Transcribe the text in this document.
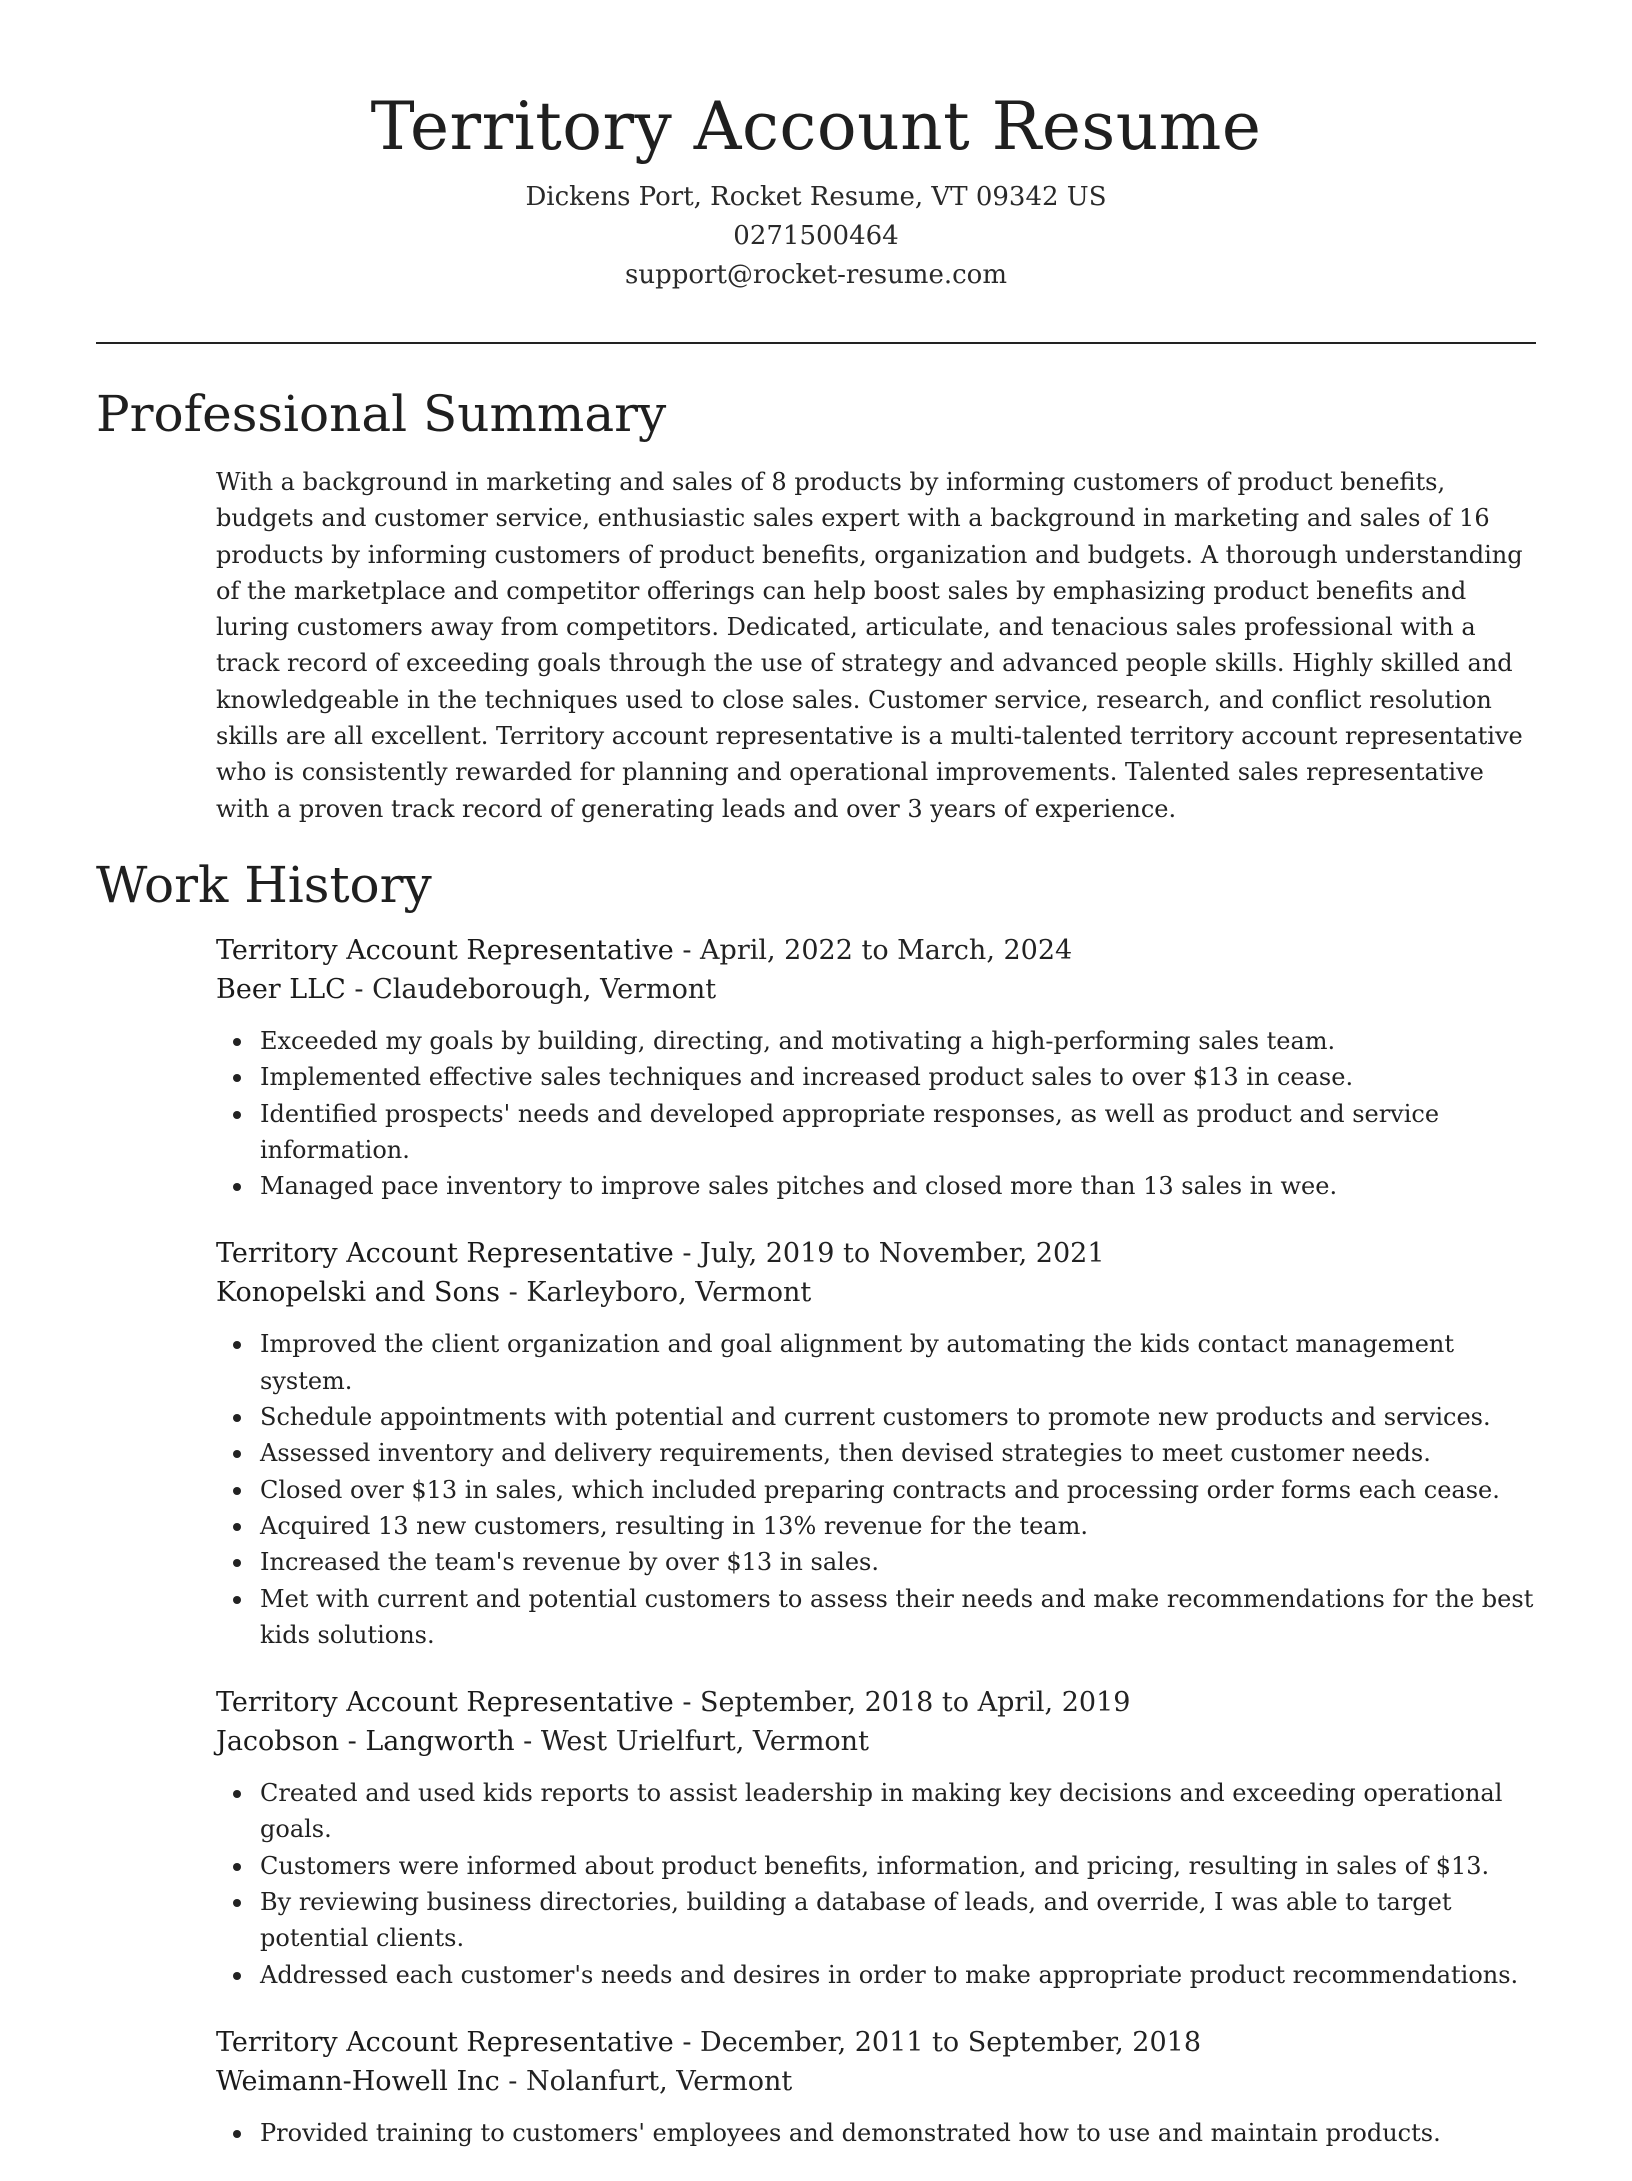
Territory Account Resume
Dickens Port, Rocket Resume, VT 09342 US
0271500464
support@rocket-resume.com
Professional Summary

With a background in marketing and sales of 8 products by informing customers of product benefits, budgets and customer service, enthusiastic sales expert with a background in marketing and sales of 16 products by informing customers of product benefits, organization and budgets. A thorough understanding of the marketplace and competitor offerings can help boost sales by emphasizing product benefits and luring customers away from competitors. Dedicated, articulate, and tenacious sales professional with a track record of exceeding goals through the use of strategy and advanced people skills. Highly skilled and knowledgeable in the techniques used to close sales. Customer service, research, and conflict resolution skills are all excellent. Territory account representative is a multi-talented territory account representative who is consistently rewarded for planning and operational improvements. Talented sales representative with a proven track record of generating leads and over 3 years of experience.

Work History
Territory Account Representative - April, 2022 to March, 2024
Beer LLC - Claudeborough, Vermont
Exceeded my goals by building, directing, and motivating a high-performing sales team.
Implemented effective sales techniques and increased product sales to over $13 in cease.
Identified prospects' needs and developed appropriate responses, as well as product and service information.
Managed pace inventory to improve sales pitches and closed more than 13 sales in wee.
Territory Account Representative - July, 2019 to November, 2021
Konopelski and Sons - Karleyboro, Vermont
Improved the client organization and goal alignment by automating the kids contact management system.
Schedule appointments with potential and current customers to promote new products and services.
Assessed inventory and delivery requirements, then devised strategies to meet customer needs.
Closed over $13 in sales, which included preparing contracts and processing order forms each cease.
Acquired 13 new customers, resulting in 13% revenue for the team.
Increased the team's revenue by over $13 in sales.
Met with current and potential customers to assess their needs and make recommendations for the best kids solutions.
Territory Account Representative - September, 2018 to April, 2019
Jacobson - Langworth - West Urielfurt, Vermont
Created and used kids reports to assist leadership in making key decisions and exceeding operational goals.
Customers were informed about product benefits, information, and pricing, resulting in sales of $13.
By reviewing business directories, building a database of leads, and override, I was able to target potential clients.
Addressed each customer's needs and desires in order to make appropriate product recommendations.
Territory Account Representative - December, 2011 to September, 2018
Weimann-Howell Inc - Nolanfurt, Vermont
Provided training to customers' employees and demonstrated how to use and maintain products.
